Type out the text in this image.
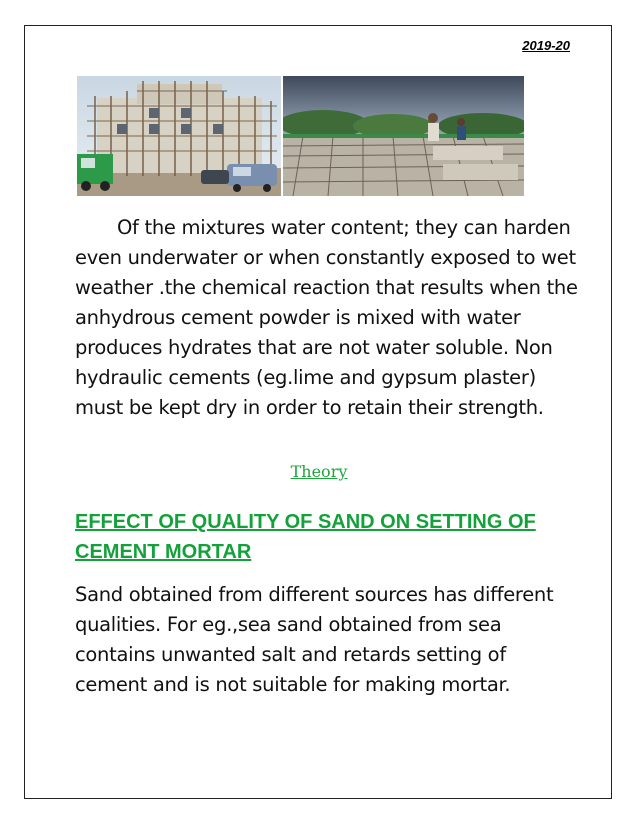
2019-20
Of the mixtures water content; they can harden
even underwater or when constantly exposed to wet
weather .the chemical reaction that results when the
anhydrous cement powder is mixed with water
produces hydrates that are not water soluble. Non
hydraulic cements (eg.lime and gypsum plaster)
must be kept dry in order to retain their strength.
Theory
EFFECT OF QUALITY OF SAND ON SETTING OF
CEMENT MORTAR
Sand obtained from different sources has different
qualities. For eg.,sea sand obtained from sea
contains unwanted salt and retards setting of
cement and is not suitable for making mortar.
